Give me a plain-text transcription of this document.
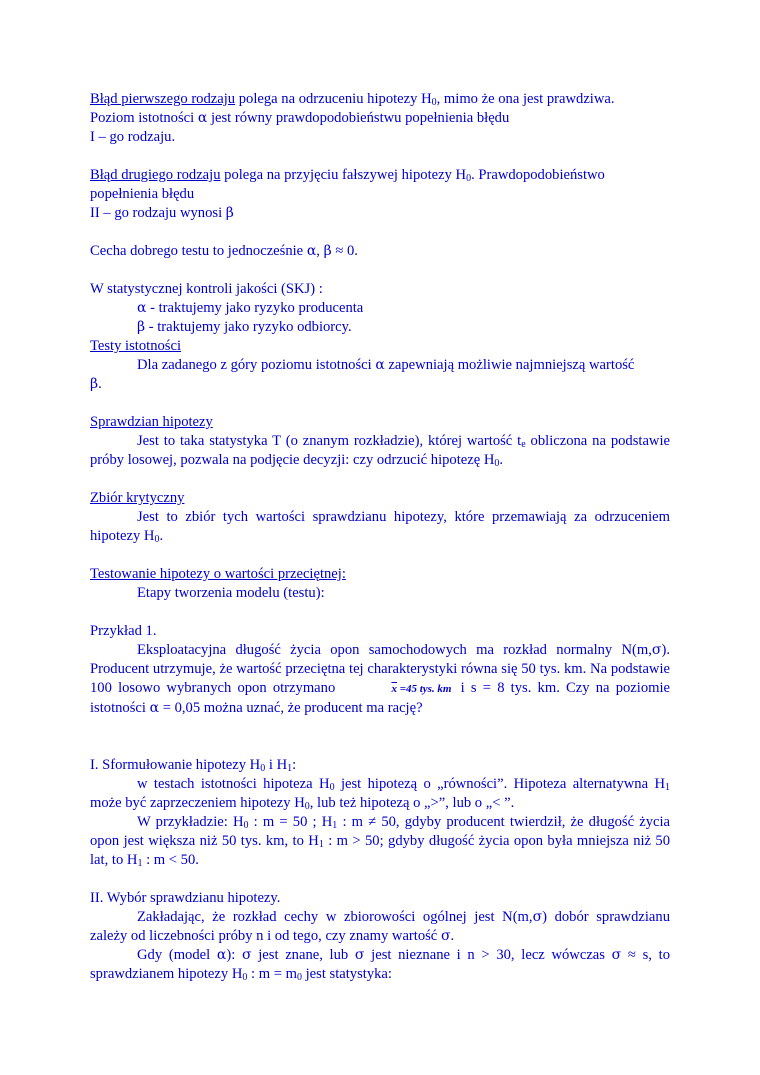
Błąd pierwszego rodzaju polega na odrzuceniu hipotezy $H_0$, mimo że ona jest prawdziwa.
Poziom istotności α jest równy prawdopodobieństwu popełnienia błędu
I – go rodzaju.

Błąd drugiego rodzaju polega na przyjęciu fałszywej hipotezy $H_0$. Prawdopodobieństwo popełnienia błędu
II – go rodzaju wynosi β

Cecha dobrego testu to jednocześnie α, β ≈ 0.

W statystycznej kontroli jakości (SKJ) :

α - traktujemy jako ryzyko producenta

β - traktujemy jako ryzyko odbiorcy.

Testy istotności

Dla zadanego z góry poziomu istotności α zapewniają możliwie najmniejszą wartość
β.

Sprawdzian hipotezy

Jest to taka statystyka T (o znanym rozkładzie), której wartość $t_e$ obliczona na podstawie próby losowej, pozwala na podjęcie decyzji: czy odrzucić hipotezę $H_0$.

Zbiór krytyczny

Jest to zbiór tych wartości sprawdzianu hipotezy, które przemawiają za odrzuceniem hipotezy $H_0$.

Testowanie hipotezy o wartości przeciętnej:

Etapy tworzenia modelu (testu):

Przykład 1.

Eksploatacyjna długość życia opon samochodowych ma rozkład normalny N(m,σ). Producent utrzymuje, że wartość przeciętna tej charakterystyki równa się 50 tys. km. Na podstawie 100 losowo wybranych opon otrzymano	$\overline{x} =45$ tys. km i s = 8 tys. km. Czy na poziomie istotności α = 0,05 można uznać, że producent ma rację?

I. Sformułowanie hipotezy $H_0$ i $H_1$:

w testach istotności hipoteza $H_0$ jest hipotezą o „równości”. Hipoteza alternatywna $H_1$ może być zaprzeczeniem hipotezy $H_0$, lub też hipotezą o „>”, lub o „< ”.

W przykładzie: $H_0$ : m = 50 ; $H_1$ : m ≠ 50, gdyby producent twierdził, że długość życia opon jest większa niż 50 tys. km, to $H_1$ : m > 50; gdyby długość życia opon była mniejsza niż 50 lat, to $H_1$ : m < 50.

II. Wybór sprawdzianu hipotezy.

Zakładając, że rozkład cechy w zbiorowości ogólnej jest N(m,σ) dobór sprawdzianu zależy od liczebności próby n i od tego, czy znamy wartość σ.

Gdy (model α): σ jest znane, lub σ jest nieznane i n > 30, lecz wówczas σ ≈ s, to sprawdzianem hipotezy $H_0$ : $m = m_0$ jest statystyka:
